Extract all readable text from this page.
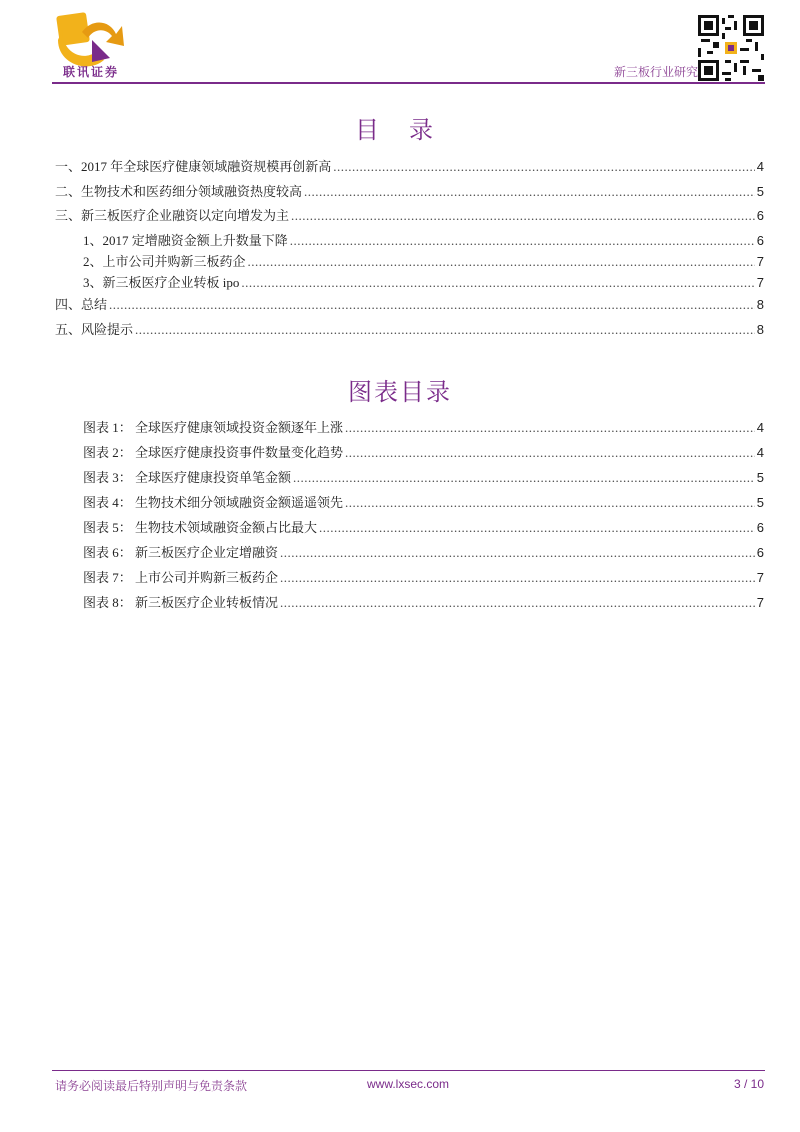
联讯证券	新三板行业研究
目 录
一、2017 年全球医疗健康领域融资规模再创新高 .....	4
二、生物技术和医药细分领域融资热度较高 .....	5
三、新三板医疗企业融资以定向增发为主 .....	6
1、2017 定增融资金额上升数量下降 .....	6
2、上市公司并购新三板药企 .....	7
3、新三板医疗企业转板 ipo .....	7
四、总结 .....	8
五、风险提示 .....	8
图表目录
图表 1： 全球医疗健康领域投资金额逐年上涨 .....	4
图表 2： 全球医疗健康投资事件数量变化趋势 .....	4
图表 3： 全球医疗健康投资单笔金额 .....	5
图表 4： 生物技术细分领域融资金额遥遥领先 .....	5
图表 5： 生物技术领域融资金额占比最大 .....	6
图表 6： 新三板医疗企业定增融资 .....	6
图表 7： 上市公司并购新三板药企 .....	7
图表 8： 新三板医疗企业转板情况 .....	7
请务必阅读最后特别声明与免责条款	www.lxsec.com	3 / 10
